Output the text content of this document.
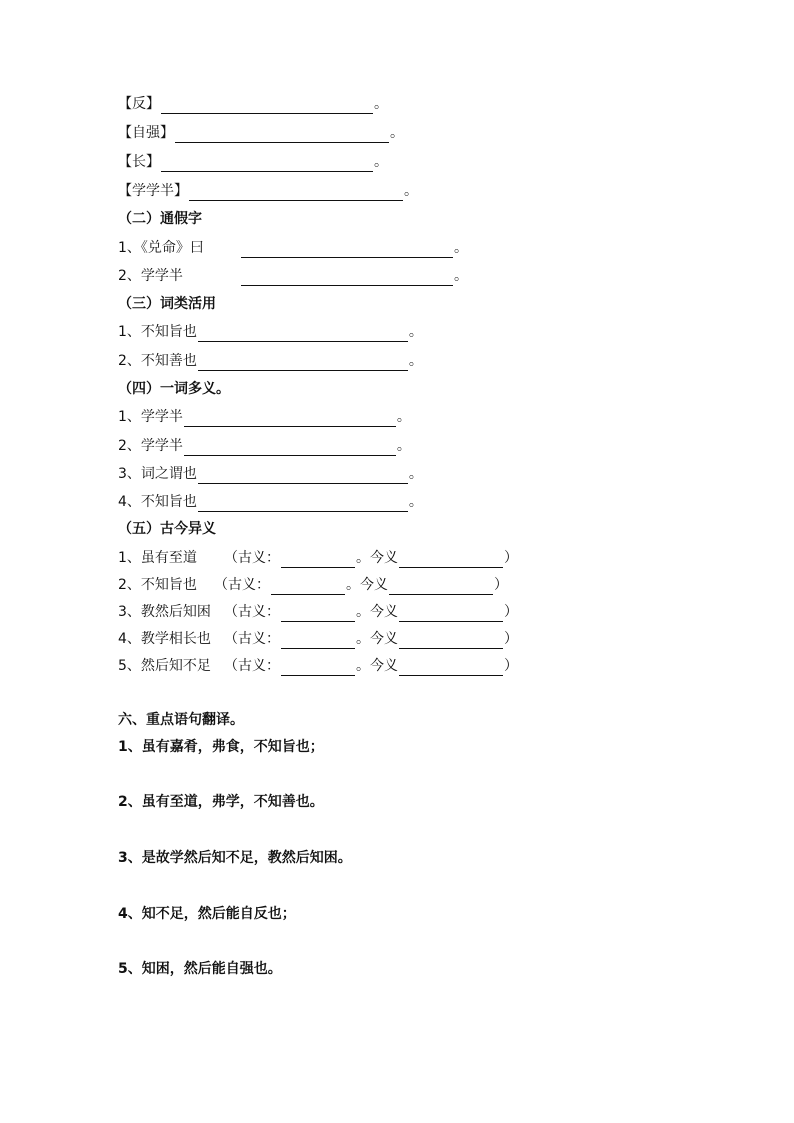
【反】	。
【自强】	。
【长】	。
【学学半】	。
（二）通假字
1、《兑命》曰	。
2、学学半	。
（三）词类活用
1、不知旨也	。
2、不知善也	。
（四）一词多义。
1、学学半	。
2、学学半	。
3、词之谓也	。
4、不知旨也	。
（五）古今异义
1、虽有至道	（古义：	。今义	）
2、不知旨也	（古义：	。今义	）
3、教然后知困 （古义：	。今义	）
4、教学相长也 （古义：	。今义	）
5、然后知不足 （古义：	。今义	）
六、重点语句翻译。
1、虽有嘉肴，弗食，不知旨也；
2、虽有至道，弗学，不知善也。
3、是故学然后知不足，教然后知困。
4、知不足，然后能自反也；
5、知困，然后能自强也。
